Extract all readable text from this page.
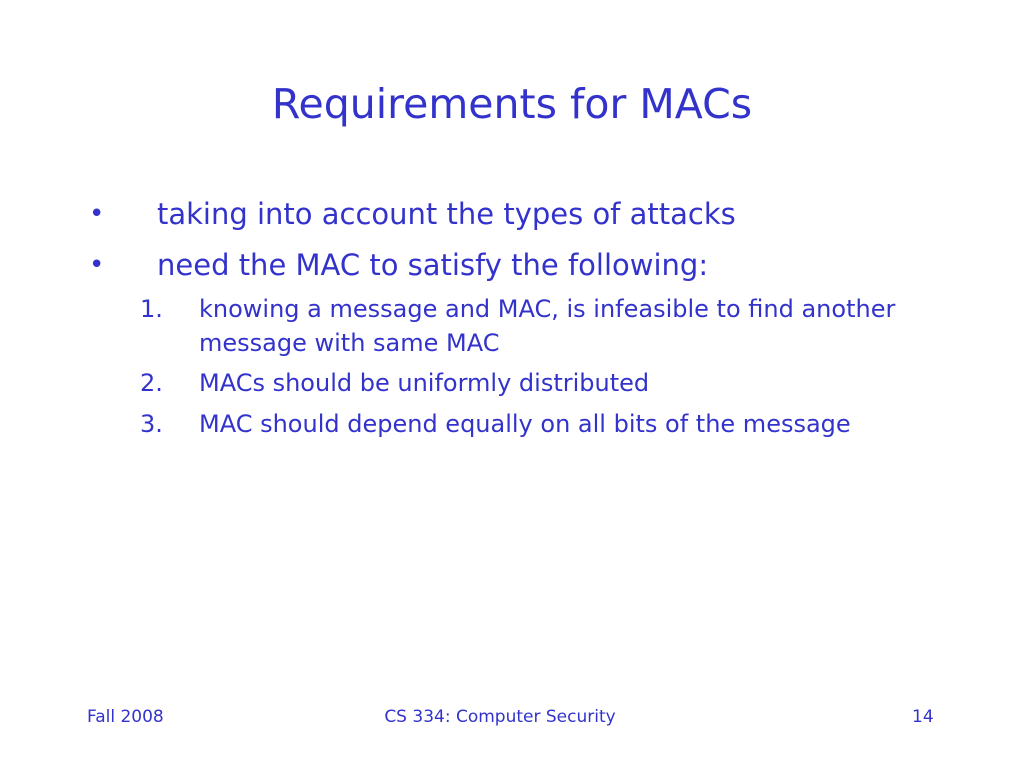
Requirements for MACs
• taking into account the types of attacks
• need the MAC to satisfy the following:
1. knowing a message and MAC, is infeasible to find another message with same MAC
2. MACs should be uniformly distributed
3. MAC should depend equally on all bits of the message
Fall 2008	CS 334: Computer Security	14
